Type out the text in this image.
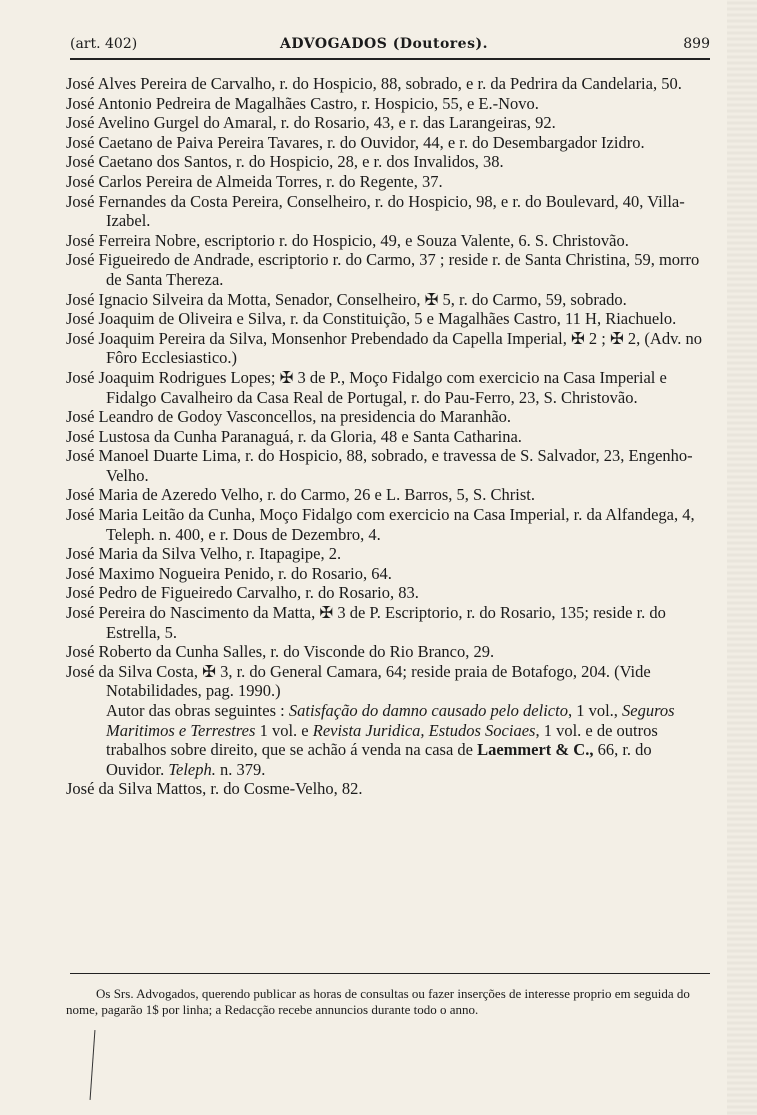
(art. 402)	ADVOGADOS (Doutores).	899

José Alves Pereira de Carvalho, r. do Hospicio, 88, sobrado, e r. da Pedrira da Candelaria, 50.

José Antonio Pedreira de Magalhães Castro, r. Hospicio, 55, e E.-Novo.

José Avelino Gurgel do Amaral, r. do Rosario, 43, e r. das Larangeiras, 92.

José Caetano de Paiva Pereira Tavares, r. do Ouvidor, 44, e r. do Desembargador Izidro.

José Caetano dos Santos, r. do Hospicio, 28, e r. dos Invalidos, 38.

José Carlos Pereira de Almeida Torres, r. do Regente, 37.

José Fernandes da Costa Pereira, Conselheiro, r. do Hospicio, 98, e r. do Boulevard, 40, Villa-Izabel.

José Ferreira Nobre, escriptorio r. do Hospicio, 49, e Souza Valente, 6. S. Christovão.

José Figueiredo de Andrade, escriptorio r. do Carmo, 37 ; reside r. de Santa Christina, 59, morro de Santa Thereza.

José Ignacio Silveira da Motta, Senador, Conselheiro, ✠ 5, r. do Carmo, 59, sobrado.

José Joaquim de Oliveira e Silva, r. da Constituição, 5 e Magalhães Castro, 11 H, Riachuelo.

José Joaquim Pereira da Silva, Monsenhor Prebendado da Capella Imperial, ✠ 2 ; ✠ 2, (Adv. no Fôro Ecclesiastico.)

José Joaquim Rodrigues Lopes; ✠ 3 de P., Moço Fidalgo com exercicio na Casa Imperial e Fidalgo Cavalheiro da Casa Real de Portugal, r. do Pau-Ferro, 23, S. Christovão.

José Leandro de Godoy Vasconcellos, na presidencia do Maranhão.

José Lustosa da Cunha Paranaguá, r. da Gloria, 48 e Santa Catharina.

José Manoel Duarte Lima, r. do Hospicio, 88, sobrado, e travessa de S. Salvador, 23, Engenho-Velho.

José Maria de Azeredo Velho, r. do Carmo, 26 e L. Barros, 5, S. Christ.

José Maria Leitão da Cunha, Moço Fidalgo com exercicio na Casa Imperial, r. da Alfandega, 4, Teleph. n. 400, e r. Dous de Dezembro, 4.

José Maria da Silva Velho, r. Itapagipe, 2.

José Maximo Nogueira Penido, r. do Rosario, 64.

José Pedro de Figueiredo Carvalho, r. do Rosario, 83.

José Pereira do Nascimento da Matta, ✠ 3 de P. Escriptorio, r. do Rosario, 135; reside r. do Estrella, 5.

José Roberto da Cunha Salles, r. do Visconde do Rio Branco, 29.

José da Silva Costa, ✠ 3, r. do General Camara, 64; reside praia de Botafogo, 204. (Vide Notabilidades, pag. 1990.)

Autor das obras seguintes : Satisfação do damno causado pelo delicto, 1 vol., Seguros Maritimos e Terrestres 1 vol. e Revista Juridica, Estudos Sociaes, 1 vol. e de outros trabalhos sobre direito, que se achão á venda na casa de Laemmert & C., 66, r. do Ouvidor. Teleph. n. 379.

José da Silva Mattos, r. do Cosme-Velho, 82.

Os Srs. Advogados, querendo publicar as horas de consultas ou fazer inserções de interesse proprio em seguida do nome, pagarão 1$ por linha; a Redacção recebe annuncios durante todo o anno.
